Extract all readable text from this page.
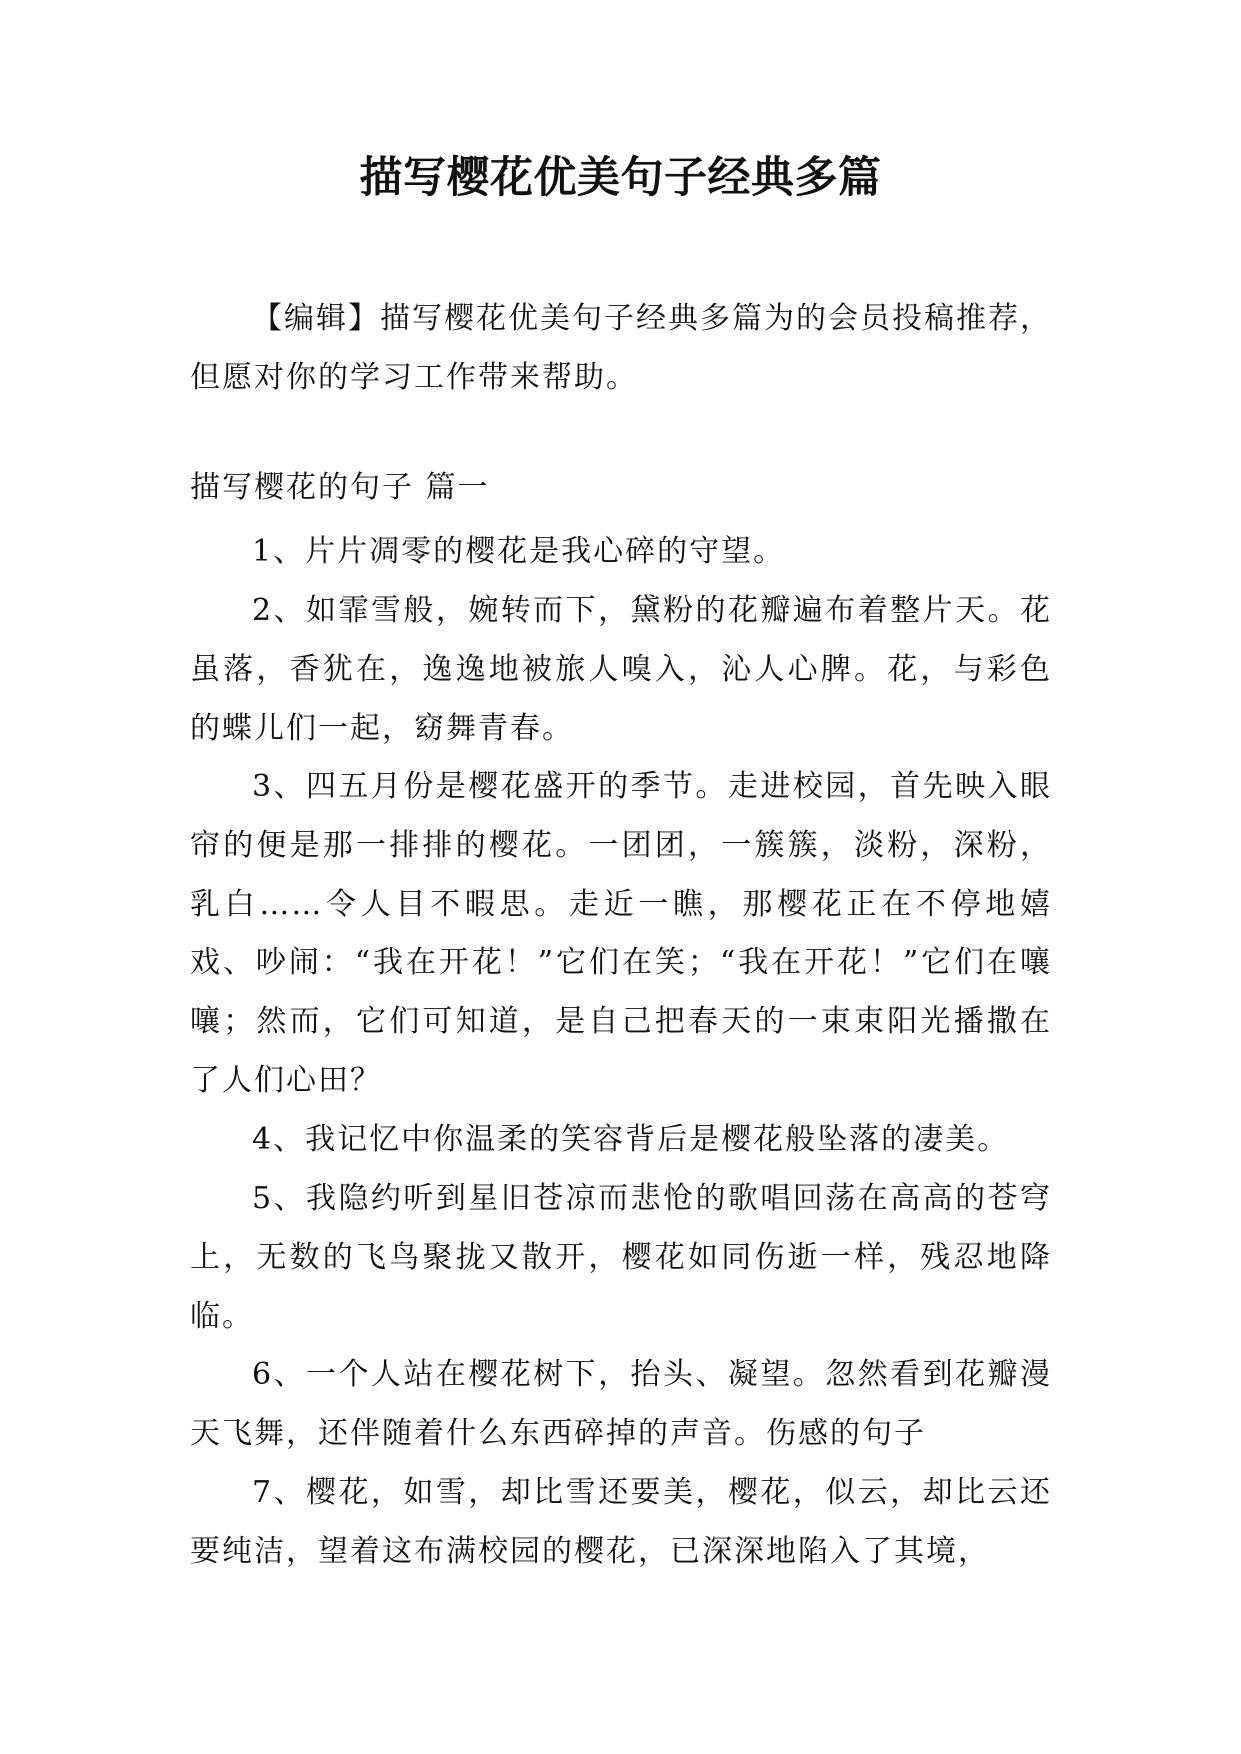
描写樱花优美句子经典多篇

【编辑】描写樱花优美句子经典多篇为的会员投稿推荐，但愿对你的学习工作带来帮助。

描写樱花的句子 篇一

1、片片凋零的樱花是我心碎的守望。

2、如霏雪般，婉转而下，黛粉的花瓣遍布着整片天。花虽落，香犹在，逸逸地被旅人嗅入，沁人心脾。花，与彩色的蝶儿们一起，窈舞青春。

3、四五月份是樱花盛开的季节。走进校园，首先映入眼帘的便是那一排排的樱花。一团团，一簇簇，淡粉，深粉，乳白……令人目不暇思。走近一瞧，那樱花正在不停地嬉戏、吵闹：“我在开花！”它们在笑；“我在开花！”它们在嚷嚷；然而，它们可知道，是自己把春天的一束束阳光播撒在了人们心田？

4、我记忆中你温柔的笑容背后是樱花般坠落的凄美。

5、我隐约听到星旧苍凉而悲怆的歌唱回荡在高高的苍穹上，无数的飞鸟聚拢又散开，樱花如同伤逝一样，残忍地降临。

6、一个人站在樱花树下，抬头、凝望。忽然看到花瓣漫天飞舞，还伴随着什么东西碎掉的声音。伤感的句子

7、樱花，如雪，却比雪还要美，樱花，似云，却比云还要纯洁，望着这布满校园的樱花，已深深地陷入了其境，
